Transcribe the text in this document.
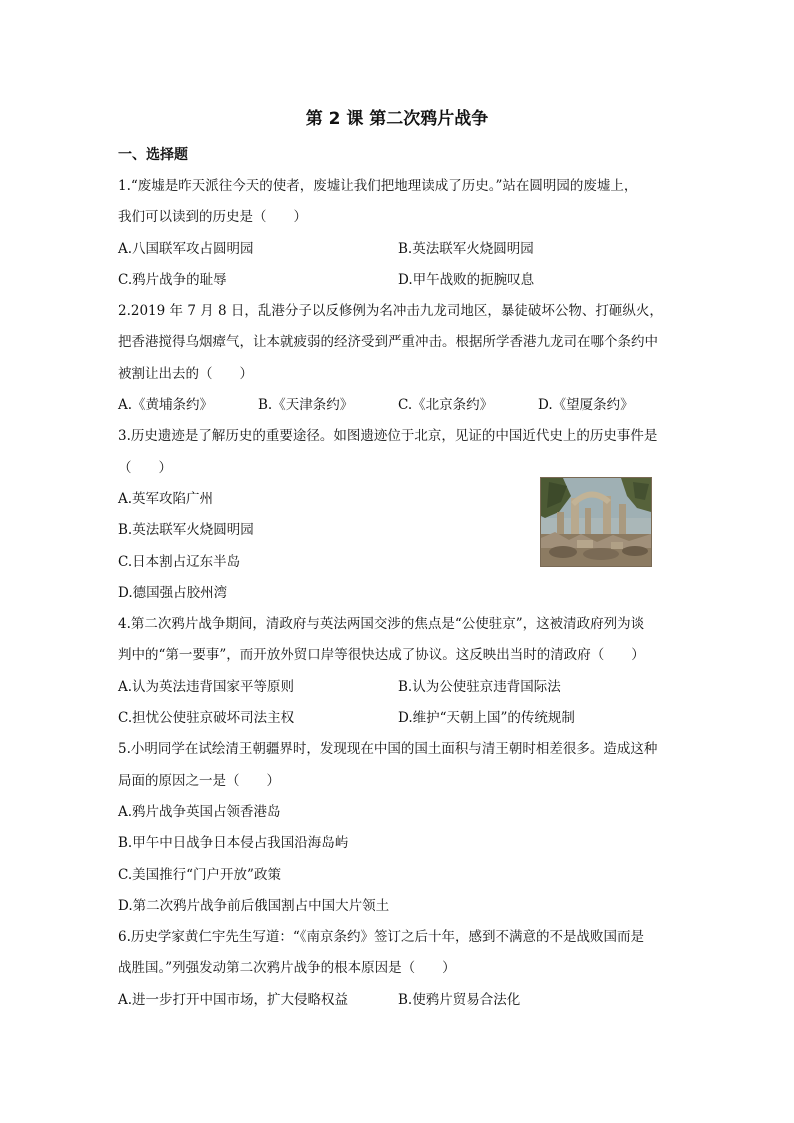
第 2 课 第二次鸦片战争
一、选择题
1.“废墟是昨天派往今天的使者，废墟让我们把地理读成了历史。”站在圆明园的废墟上，
我们可以读到的历史是（　　）
A.八国联军攻占圆明园	B.英法联军火烧圆明园
C.鸦片战争的耻辱	D.甲午战败的扼腕叹息
2.2019 年 7 月 8 日，乱港分子以反修例为名冲击九龙司地区，暴徒破坏公物、打砸纵火，
把香港搅得乌烟瘴气，让本就疲弱的经济受到严重冲击。根据所学香港九龙司在哪个条约中
被割让出去的（　　）
A.《黄埔条约》	B.《天津条约》	C.《北京条约》	D.《望厦条约》
3.历史遗迹是了解历史的重要途径。如图遗迹位于北京，见证的中国近代史上的历史事件是
（　　）
A.英军攻陷广州
B.英法联军火烧圆明园
C.日本割占辽东半岛
D.德国强占胶州湾
4.第二次鸦片战争期间，清政府与英法两国交涉的焦点是“公使驻京”，这被清政府列为谈
判中的“第一要事”，而开放外贸口岸等很快达成了协议。这反映出当时的清政府（　　）
A.认为英法违背国家平等原则	B.认为公使驻京违背国际法
C.担忧公使驻京破坏司法主权	D.维护“天朝上国”的传统规制
5.小明同学在试绘清王朝疆界时，发现现在中国的国土面积与清王朝时相差很多。造成这种
局面的原因之一是（　　）
A.鸦片战争英国占领香港岛
B.甲午中日战争日本侵占我国沿海岛屿
C.美国推行“门户开放”政策
D.第二次鸦片战争前后俄国割占中国大片领土
6.历史学家黄仁宇先生写道：“《南京条约》签订之后十年，感到不满意的不是战败国而是
战胜国。”列强发动第二次鸦片战争的根本原因是（　　）
A.进一步打开中国市场，扩大侵略权益	B.使鸦片贸易合法化
